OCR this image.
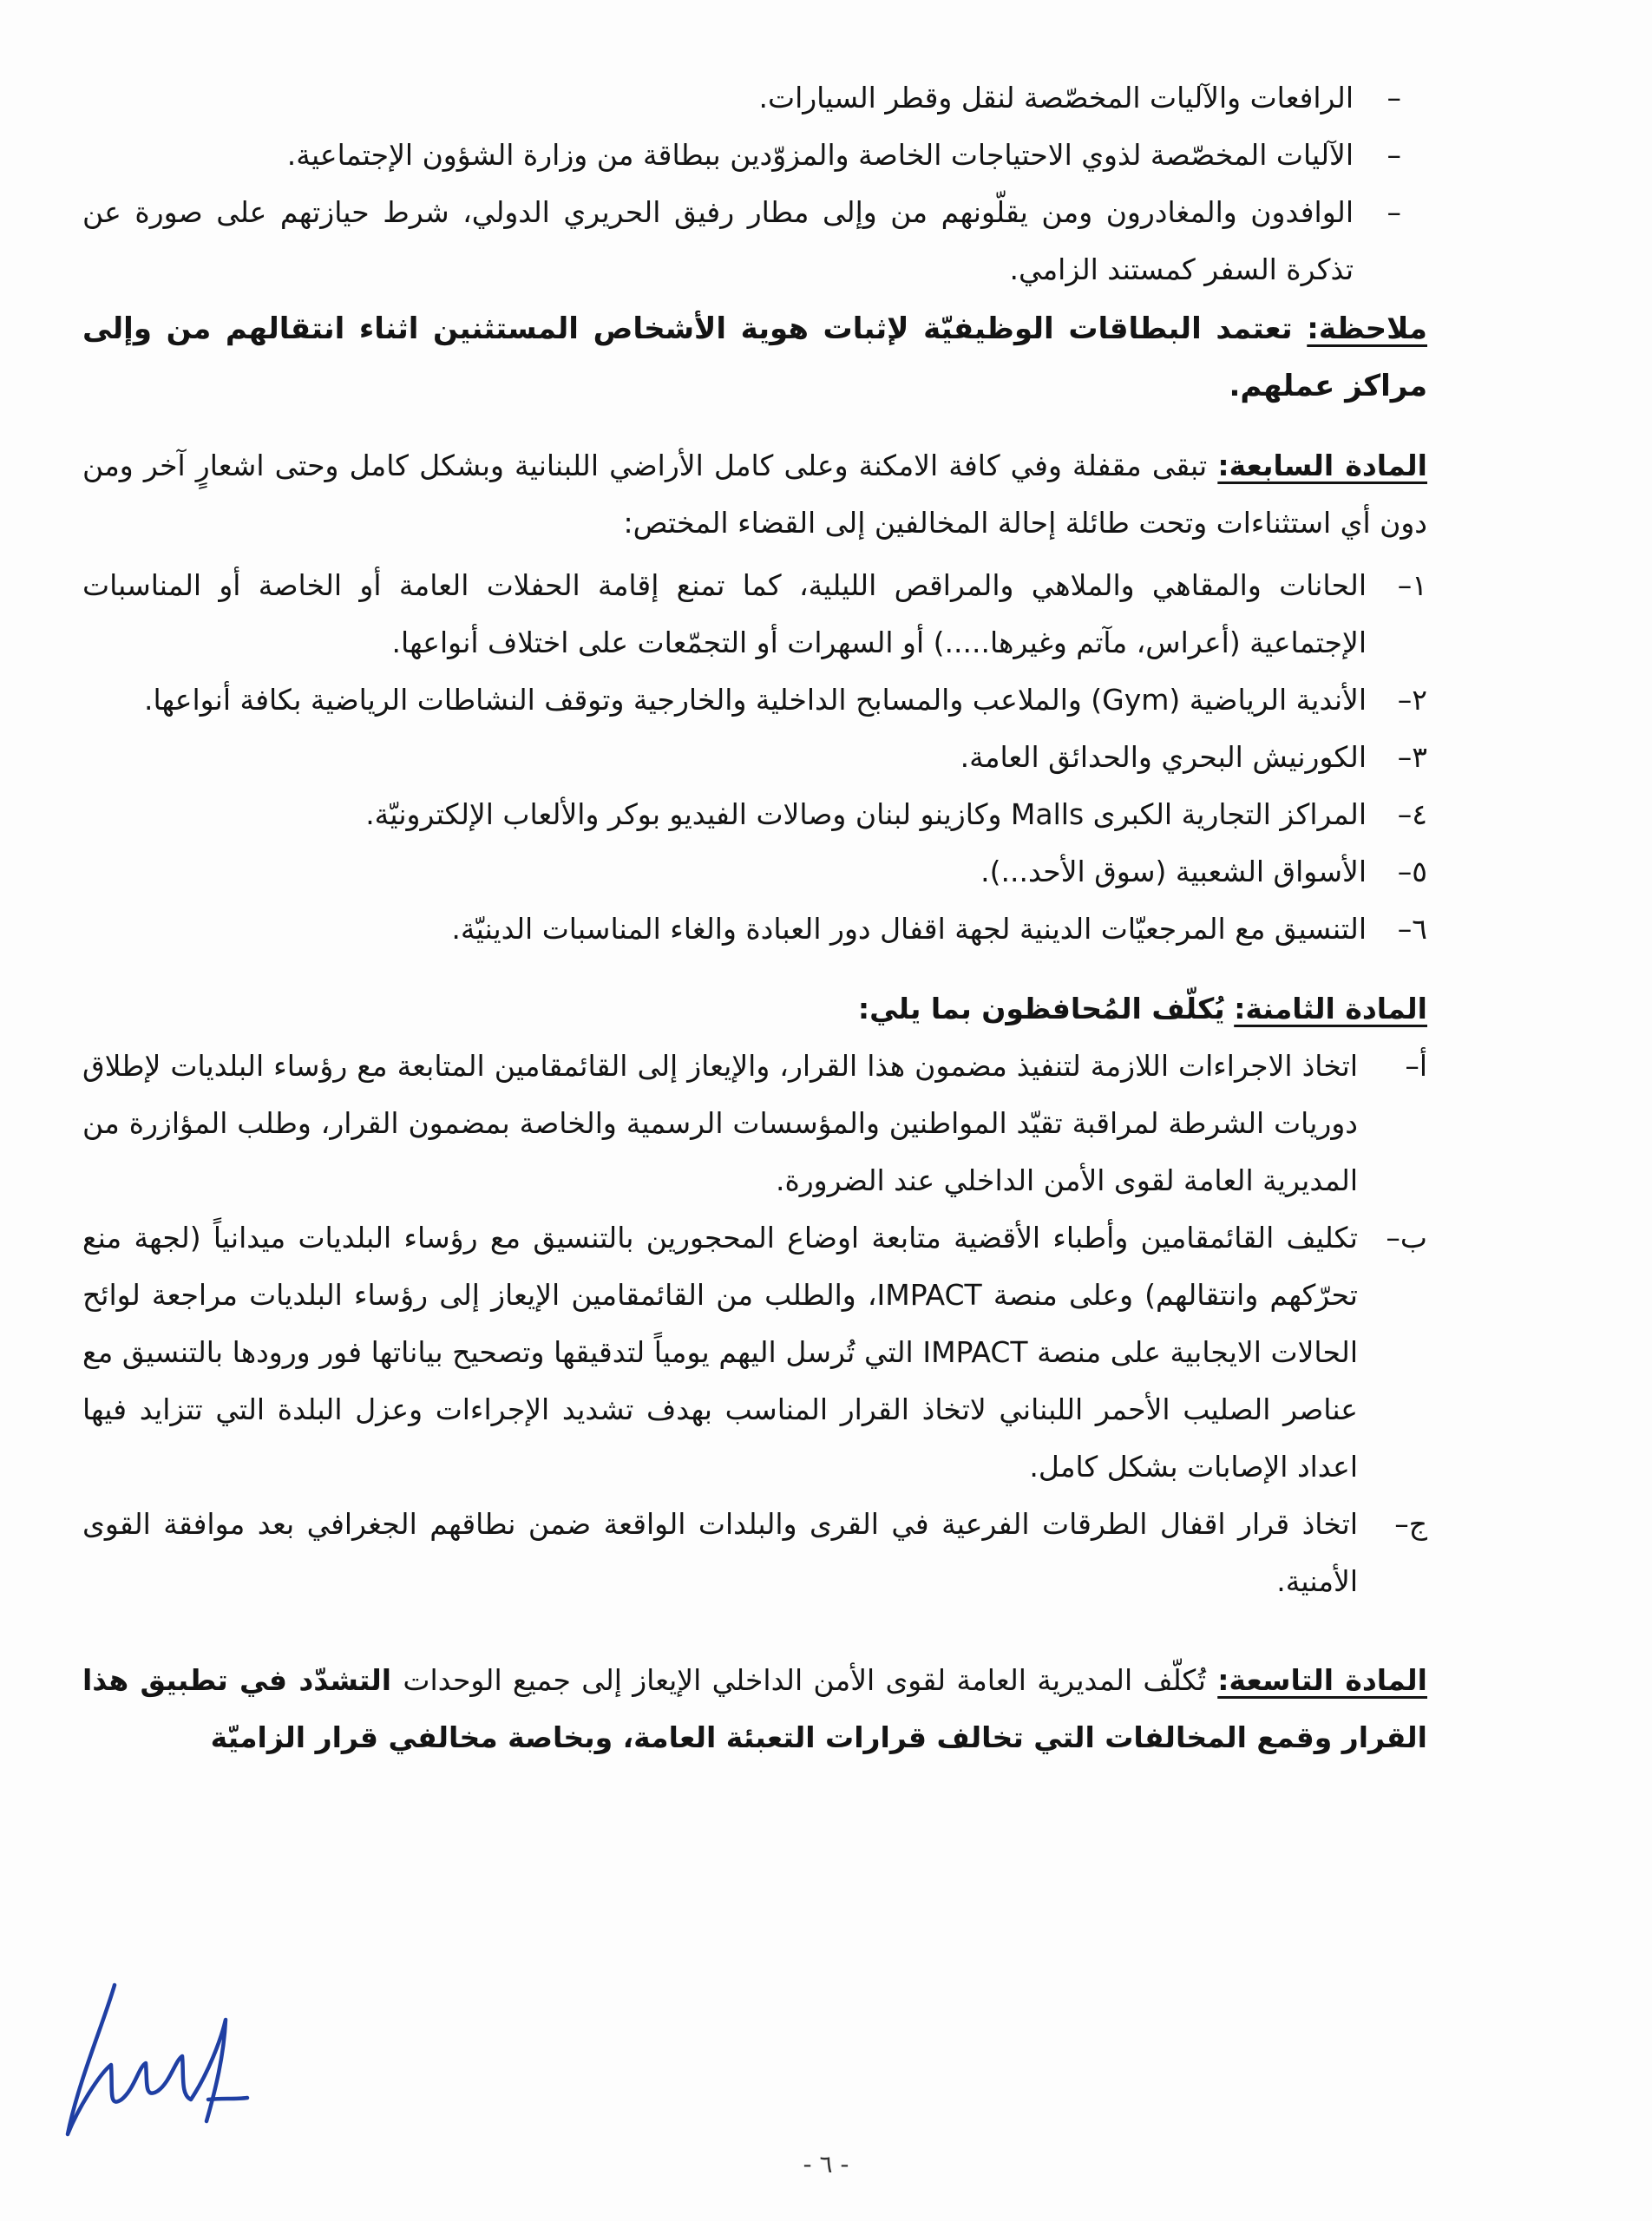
–
الرافعات والآليات المخصّصة لنقل وقطر السيارات.
–
الآليات المخصّصة لذوي الاحتياجات الخاصة والمزوّدين ببطاقة من وزارة الشؤون الإجتماعية.
–
الوافدون والمغادرون ومن يقلّونهم من وإلى مطار رفيق الحريري الدولي، شرط حيازتهم على صورة عن تذكرة السفر كمستند الزامي.
ملاحظة: تعتمد البطاقات الوظيفيّة لإثبات هوية الأشخاص المستثنين اثناء انتقالهم من وإلى مراكز عملهم.
المادة السابعة: تبقى مقفلة وفي كافة الامكنة وعلى كامل الأراضي اللبنانية وبشكل كامل وحتى اشعارٍ آخر ومن دون أي استثناءات وتحت طائلة إحالة المخالفين إلى القضاء المختص:
١–
الحانات والمقاهي والملاهي والمراقص الليلية، كما تمنع إقامة الحفلات العامة أو الخاصة أو المناسبات الإجتماعية (أعراس، مآتم وغيرها.....) أو السهرات أو التجمّعات على اختلاف أنواعها.
٢–
الأندية الرياضية (Gym) والملاعب والمسابح الداخلية والخارجية وتوقف النشاطات الرياضية بكافة أنواعها.
٣–
الكورنيش البحري والحدائق العامة.
٤–
المراكز التجارية الكبرى Malls وكازينو لبنان وصالات الفيديو بوكر والألعاب الإلكترونيّة.
٥–
الأسواق الشعبية (سوق الأحد...).
٦–
التنسيق مع المرجعيّات الدينية لجهة اقفال دور العبادة والغاء المناسبات الدينيّة.
المادة الثامنة: يُكلّف المُحافظون بما يلي:
أ–
اتخاذ الاجراءات اللازمة لتنفيذ مضمون هذا القرار، والإيعاز إلى القائمقامين المتابعة مع رؤساء البلديات لإطلاق دوريات الشرطة لمراقبة تقيّد المواطنين والمؤسسات الرسمية والخاصة بمضمون القرار، وطلب المؤازرة من المديرية العامة لقوى الأمن الداخلي عند الضرورة.
ب–
تكليف القائمقامين وأطباء الأقضية متابعة اوضاع المحجورين بالتنسيق مع رؤساء البلديات ميدانياً (لجهة منع تحرّكهم وانتقالهم) وعلى منصة IMPACT، والطلب من القائمقامين الإيعاز إلى رؤساء البلديات مراجعة لوائح الحالات الايجابية على منصة IMPACT التي تُرسل اليهم يومياً لتدقيقها وتصحيح بياناتها فور ورودها بالتنسيق مع عناصر الصليب الأحمر اللبناني لاتخاذ القرار المناسب بهدف تشديد الإجراءات وعزل البلدة التي تتزايد فيها اعداد الإصابات بشكل كامل.
ج–
اتخاذ قرار اقفال الطرقات الفرعية في القرى والبلدات الواقعة ضمن نطاقهم الجغرافي بعد موافقة القوى الأمنية.
المادة التاسعة: تُكلّف المديرية العامة لقوى الأمن الداخلي الإيعاز إلى جميع الوحدات التشدّد في تطبيق هذا القرار وقمع المخالفات التي تخالف قرارات التعبئة العامة، وبخاصة مخالفي قرار الزاميّة
- ٦ -
